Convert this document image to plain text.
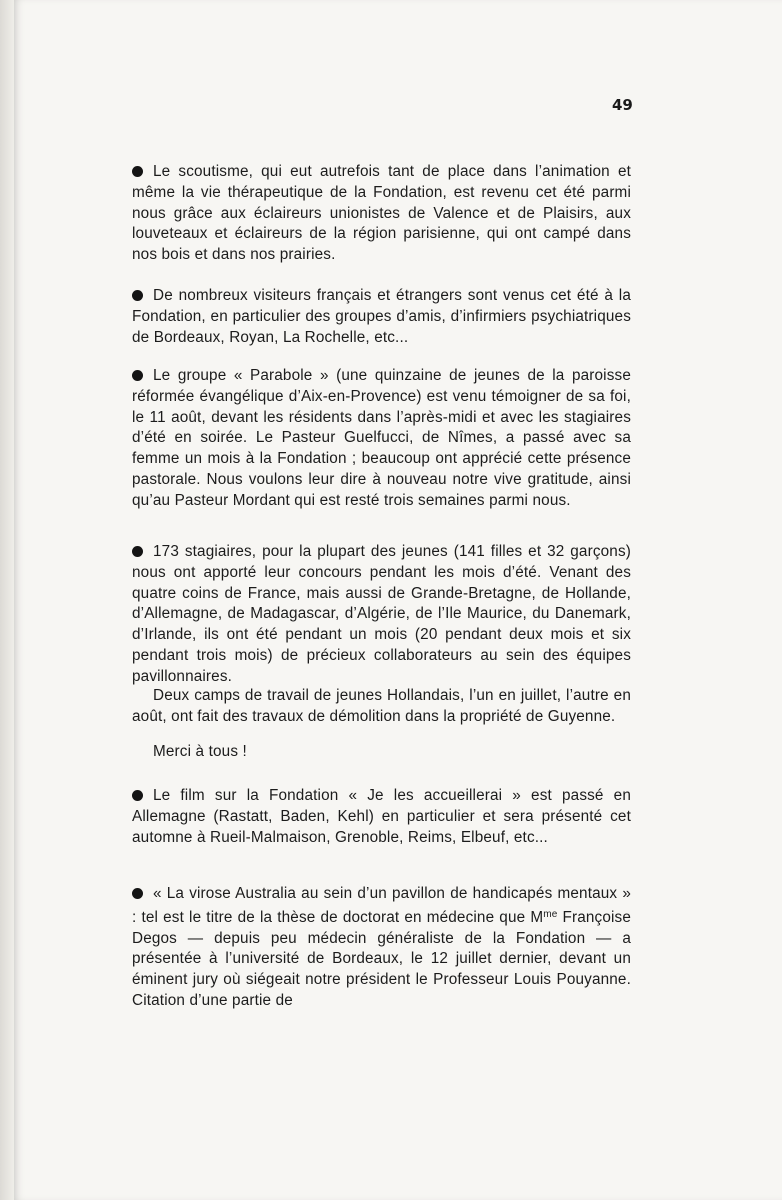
49

Le scoutisme, qui eut autrefois tant de place dans l’animation et même la vie thérapeutique de la Fondation, est revenu cet été parmi nous grâce aux éclaireurs unionistes de Valence et de Plaisirs, aux louveteaux et éclaireurs de la région parisienne, qui ont campé dans nos bois et dans nos prairies.

De nombreux visiteurs français et étrangers sont venus cet été à la Fondation, en particulier des groupes d’amis, d’infirmiers psychiatriques de Bordeaux, Royan, La Rochelle, etc...

Le groupe « Parabole » (une quinzaine de jeunes de la paroisse réformée évangélique d’Aix-en-Provence) est venu témoigner de sa foi, le 11 août, devant les résidents dans l’après-midi et avec les stagiaires d’été en soirée. Le Pasteur Guelfucci, de Nîmes, a passé avec sa femme un mois à la Fondation ; beaucoup ont apprécié cette présence pastorale. Nous voulons leur dire à nouveau notre vive gratitude, ainsi qu’au Pasteur Mordant qui est resté trois semaines parmi nous.

173 stagiaires, pour la plupart des jeunes (141 filles et 32 garçons) nous ont apporté leur concours pendant les mois d’été. Venant des quatre coins de France, mais aussi de Grande-Bretagne, de Hollande, d’Allemagne, de Madagascar, d’Algérie, de l’Ile Maurice, du Danemark, d’Irlande, ils ont été pendant un mois (20 pendant deux mois et six pendant trois mois) de précieux collaborateurs au sein des équipes pavillonnaires.

Deux camps de travail de jeunes Hollandais, l’un en juillet, l’autre en août, ont fait des travaux de démolition dans la propriété de Guyenne.

Merci à tous !

Le film sur la Fondation « Je les accueillerai » est passé en Allemagne (Rastatt, Baden, Kehl) en particulier et sera présenté cet automne à Rueil-Malmaison, Grenoble, Reims, Elbeuf, etc...

« La virose Australia au sein d’un pavillon de handicapés mentaux » : tel est le titre de la thèse de doctorat en médecine que $M^{me}$ Françoise Degos — depuis peu médecin généraliste de la Fondation — a présentée à l’université de Bordeaux, le 12 juillet dernier, devant un éminent jury où siégeait notre président le Professeur Louis Pouyanne. Citation d’une partie de
